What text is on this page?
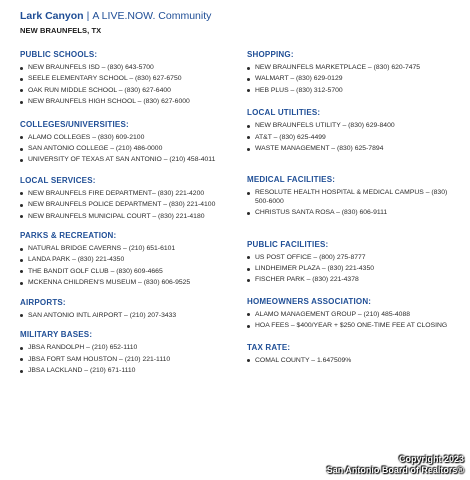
Lark Canyon | A LIVE.NOW. Community
NEW BRAUNFELS, TX
PUBLIC SCHOOLS:
NEW BRAUNFELS ISD – (830) 643-5700
SEELE ELEMENTARY SCHOOL – (830) 627-6750
OAK RUN MIDDLE SCHOOL – (830) 627-6400
NEW BRAUNFELS HIGH SCHOOL – (830) 627-6000
COLLEGES/UNIVERSITIES:
ALAMO COLLEGES – (830) 609-2100
SAN ANTONIO COLLEGE – (210) 486-0000
UNIVERSITY OF TEXAS AT SAN ANTONIO – (210) 458-4011
LOCAL SERVICES:
NEW BRAUNFELS FIRE DEPARTMENT– (830) 221-4200
NEW BRAUNFELS POLICE DEPARTMENT – (830) 221-4100
NEW BRAUNFELS MUNICIPAL COURT – (830) 221-4180
PARKS & RECREATION:
NATURAL BRIDGE CAVERNS – (210) 651-6101
LANDA PARK – (830) 221-4350
THE BANDIT GOLF CLUB – (830) 609-4665
MCKENNA CHILDREN'S MUSEUM – (830) 606-9525
AIRPORTS:
SAN ANTONIO INTL AIRPORT – (210) 207-3433
MILITARY BASES:
JBSA RANDOLPH – (210) 652-1110
JBSA FORT SAM HOUSTON – (210) 221-1110
JBSA LACKLAND – (210) 671-1110
SHOPPING:
NEW BRAUNFELS MARKETPLACE – (830) 620-7475
WALMART – (830) 629-0129
HEB PLUS – (830) 312-5700
LOCAL UTILITIES:
NEW BRAUNFELS UTILITY – (830) 629-8400
AT&T – (830) 625-4499
WASTE MANAGEMENT – (830) 625-7894
MEDICAL FACILITIES:
RESOLUTE HEALTH HOSPITAL & MEDICAL CAMPUS – (830) 500-6000
CHRISTUS SANTA ROSA – (830) 606-9111
PUBLIC FACILITIES:
US POST OFFICE – (800) 275-8777
LINDHEIMER PLAZA – (830) 221-4350
FISCHER PARK – (830) 221-4378
HOMEOWNERS ASSOCIATION:
ALAMO MANAGEMENT GROUP – (210) 485-4088
HOA FEES – $400/YEAR + $250 ONE-TIME FEE AT CLOSING
TAX RATE:
COMAL COUNTY – 1.647509%
Copyright 2023
San Antonio Board of Realtors®
